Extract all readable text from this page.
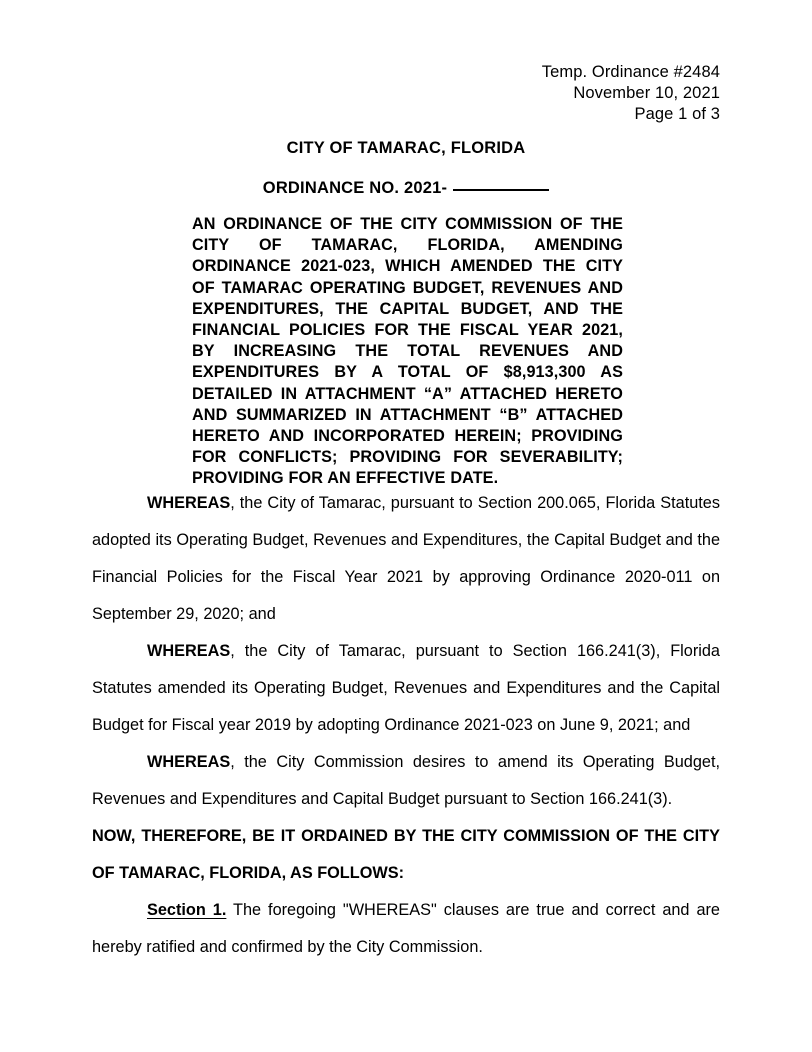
Temp. Ordinance #2484
November 10, 2021
Page 1 of 3
CITY OF TAMARAC, FLORIDA
ORDINANCE NO. 2021-
AN ORDINANCE OF THE CITY COMMISSION OF THE CITY OF TAMARAC, FLORIDA, AMENDING ORDINANCE 2021-023, WHICH AMENDED THE CITY OF TAMARAC OPERATING BUDGET, REVENUES AND EXPENDITURES, THE CAPITAL BUDGET, AND THE FINANCIAL POLICIES FOR THE FISCAL YEAR 2021, BY INCREASING THE TOTAL REVENUES AND EXPENDITURES BY A TOTAL OF $8,913,300 AS DETAILED IN ATTACHMENT “A” ATTACHED HERETO AND SUMMARIZED IN ATTACHMENT “B” ATTACHED HERETO AND INCORPORATED HEREIN; PROVIDING FOR CONFLICTS; PROVIDING FOR SEVERABILITY; PROVIDING FOR AN EFFECTIVE DATE.

WHEREAS, the City of Tamarac, pursuant to Section 200.065, Florida Statutes adopted its Operating Budget, Revenues and Expenditures, the Capital Budget and the Financial Policies for the Fiscal Year 2021 by approving Ordinance 2020-011 on September 29, 2020; and

WHEREAS, the City of Tamarac, pursuant to Section 166.241(3), Florida Statutes amended its Operating Budget, Revenues and Expenditures and the Capital Budget for Fiscal year 2019 by adopting Ordinance 2021-023 on June 9, 2021; and

WHEREAS, the City Commission desires to amend its Operating Budget, Revenues and Expenditures and Capital Budget pursuant to Section 166.241(3).

NOW, THEREFORE, BE IT ORDAINED BY THE CITY COMMISSION OF THE CITY OF TAMARAC, FLORIDA, AS FOLLOWS:

Section 1. The foregoing "WHEREAS" clauses are true and correct and are hereby ratified and confirmed by the City Commission.
